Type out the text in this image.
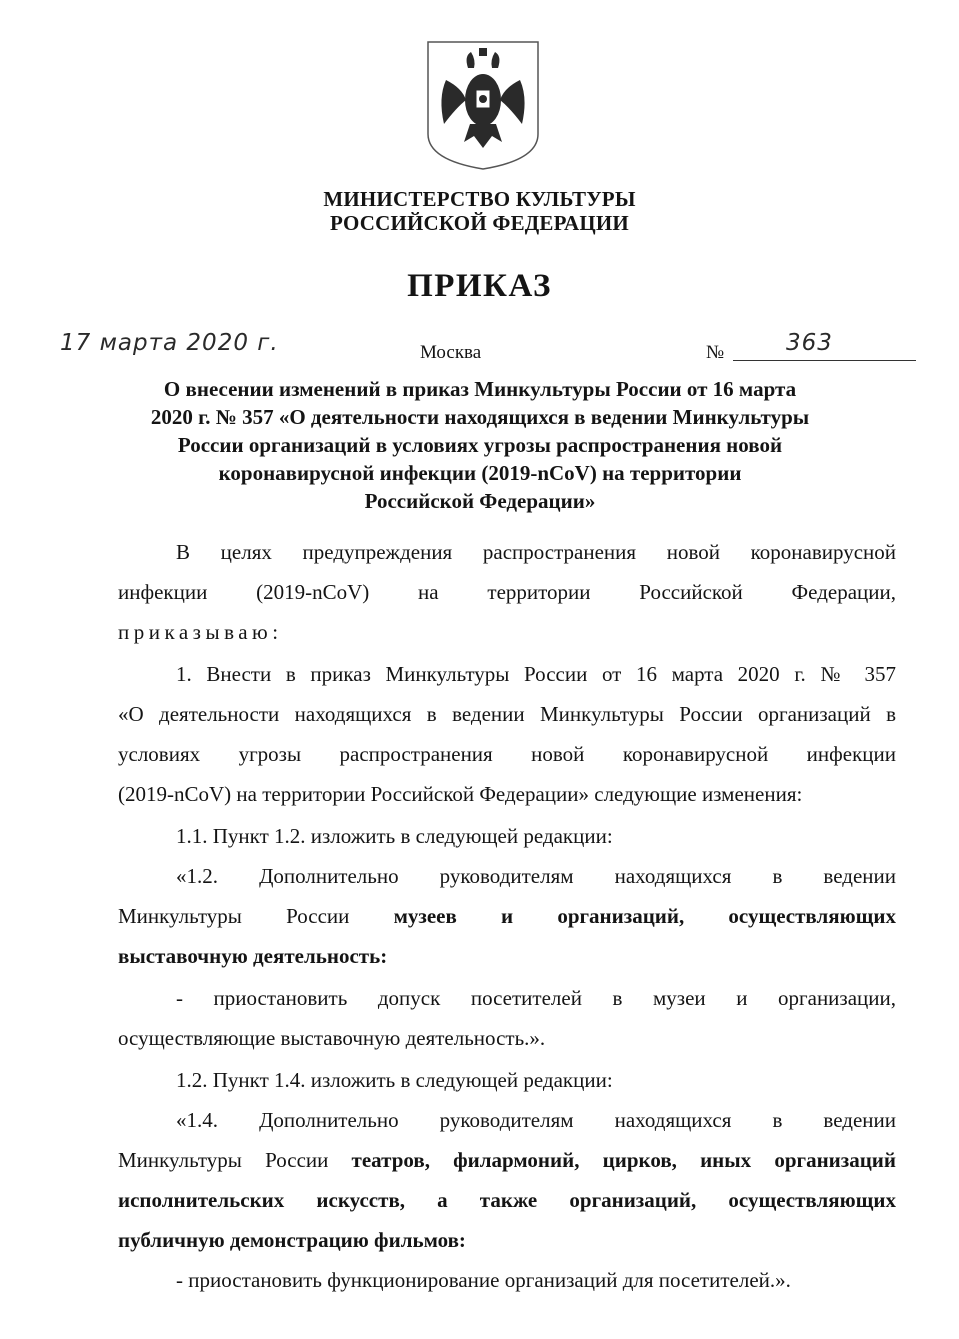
МИНИСТЕРСТВО КУЛЬТУРЫ
РОССИЙСКОЙ ФЕДЕРАЦИИ
ПРИКАЗ
17 марта 2020 г.	Москва	№	363
О внесении изменений в приказ Минкультуры России от 16 марта
2020 г. № 357 «О деятельности находящихся в ведении Минкультуры
России организаций в условиях угрозы распространения новой
коронавирусной инфекции (2019-nCoV) на территории
Российской Федерации»
В целях предупреждения распространения новой коронавирусной
инфекции (2019-nCoV) на территории Российской Федерации,
приказываю:
1. Внести в приказ Минкультуры России от 16 марта 2020 г. № 357
«О деятельности находящихся в ведении Минкультуры России организаций в
условиях угрозы распространения новой коронавирусной инфекции
(2019-nCoV) на территории Российской Федерации» следующие изменения:
1.1. Пункт 1.2. изложить в следующей редакции:
«1.2. Дополнительно руководителям находящихся в ведении
Минкультуры России музеев и организаций, осуществляющих
выставочную деятельность:
- приостановить допуск посетителей в музеи и организации,
осуществляющие выставочную деятельность.».
1.2. Пункт 1.4. изложить в следующей редакции:
«1.4. Дополнительно руководителям находящихся в ведении
Минкультуры России театров, филармоний, цирков, иных организаций
исполнительских искусств, а также организаций, осуществляющих
публичную демонстрацию фильмов:
- приостановить функционирование организаций для посетителей.».
